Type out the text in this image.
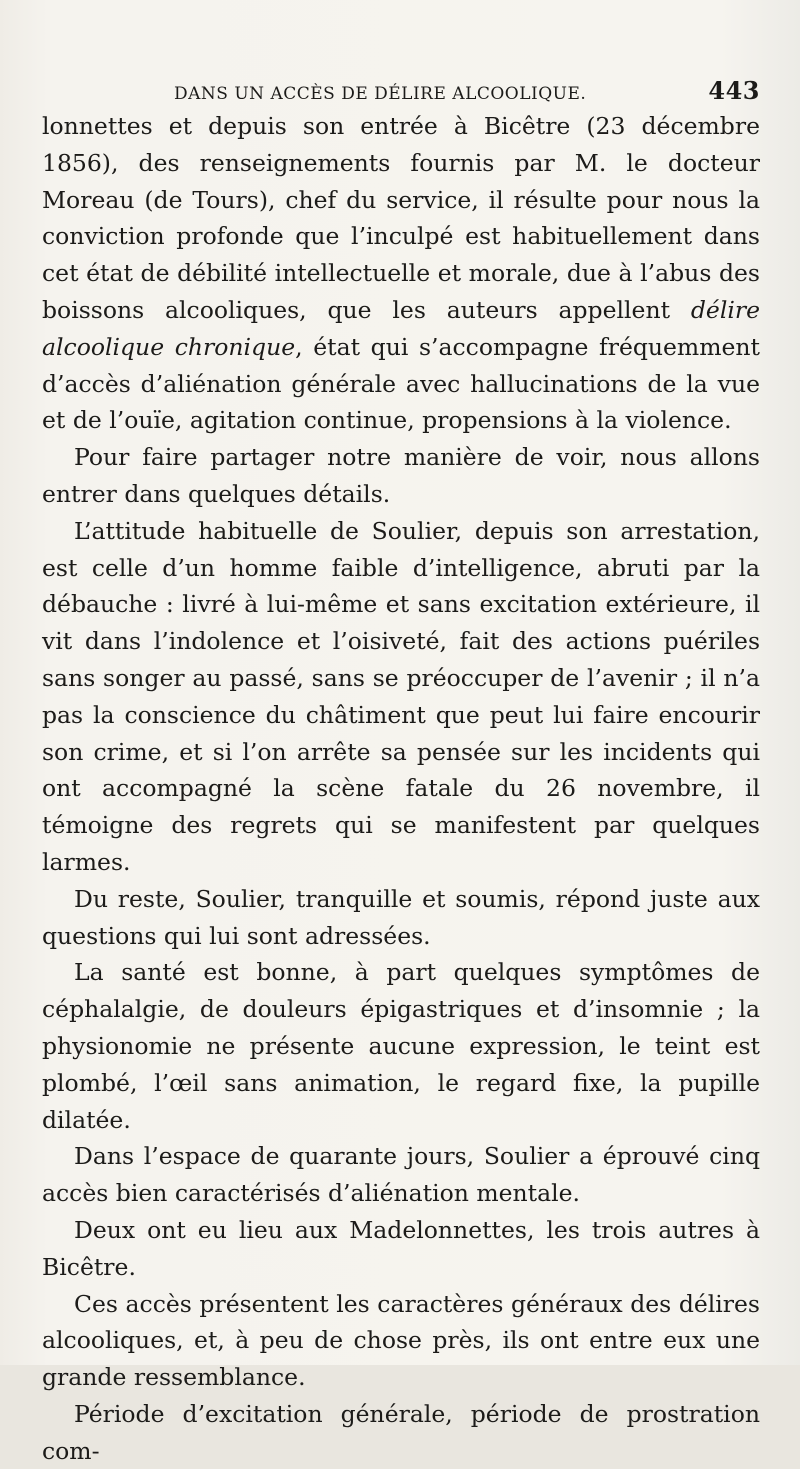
DANS UN ACCÈS DE DÉLIRE ALCOOLIQUE.	443

lonnettes et depuis son entrée à Bicêtre (23 décembre 1856), des renseignements fournis par M. le docteur Moreau (de Tours), chef du service, il résulte pour nous la conviction profonde que l’inculpé est habituellement dans cet état de débilité intellectuelle et morale, due à l’abus des boissons alcooliques, que les auteurs appellent délire alcoolique chronique, état qui s’accompagne fréquemment d’accès d’aliénation générale avec hallucinations de la vue et de l’ouïe, agitation continue, propensions à la violence.

Pour faire partager notre manière de voir, nous allons entrer dans quelques détails.

L’attitude habituelle de Soulier, depuis son arrestation, est celle d’un homme faible d’intelligence, abruti par la débauche : livré à lui-même et sans excitation extérieure, il vit dans l’indolence et l’oisiveté, fait des actions puériles sans songer au passé, sans se préoccuper de l’avenir ; il n’a pas la conscience du châtiment que peut lui faire encourir son crime, et si l’on arrête sa pensée sur les incidents qui ont accompagné la scène fatale du 26 novembre, il témoigne des regrets qui se manifestent par quelques larmes.

Du reste, Soulier, tranquille et soumis, répond juste aux questions qui lui sont adressées.

La santé est bonne, à part quelques symptômes de céphalalgie, de douleurs épigastriques et d’insomnie ; la physionomie ne présente aucune expression, le teint est plombé, l’œil sans animation, le regard fixe, la pupille dilatée.

Dans l’espace de quarante jours, Soulier a éprouvé cinq accès bien caractérisés d’aliénation mentale.

Deux ont eu lieu aux Madelonnettes, les trois autres à Bicêtre.

Ces accès présentent les caractères généraux des délires alcooliques, et, à peu de chose près, ils ont entre eux une grande ressemblance.

Période d’excitation générale, période de prostration com-
